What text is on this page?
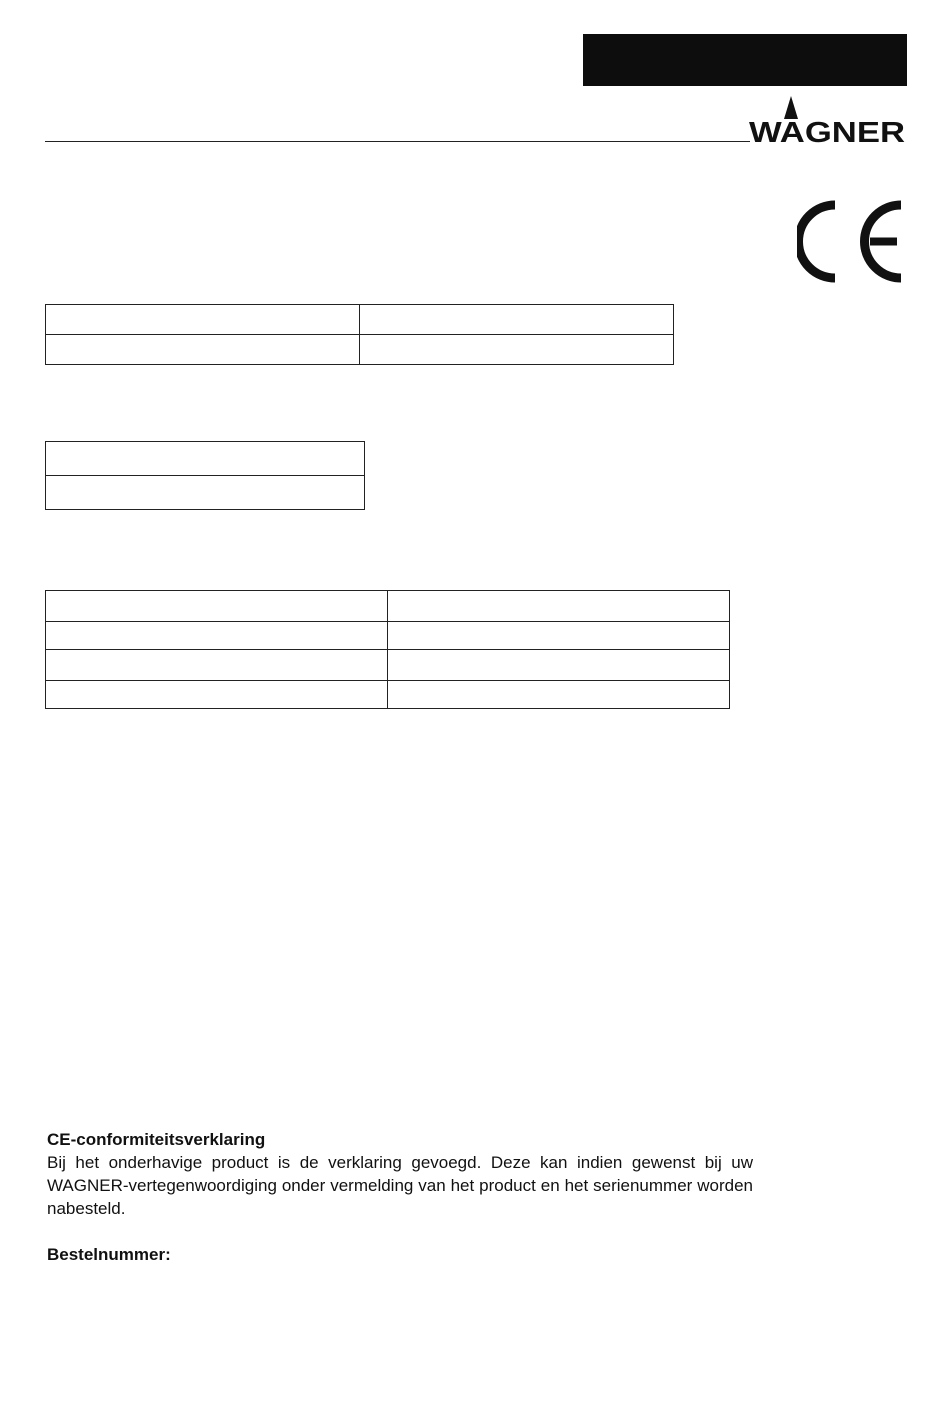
WAGNER

CE-conformiteitsverklaring

Bij het onderhavige product is de verklaring gevoegd. Deze kan indien gewenst bij uw WAGNER-vertegenwoordiging onder vermelding van het product en het serienummer worden nabesteld.

Bestelnummer:
